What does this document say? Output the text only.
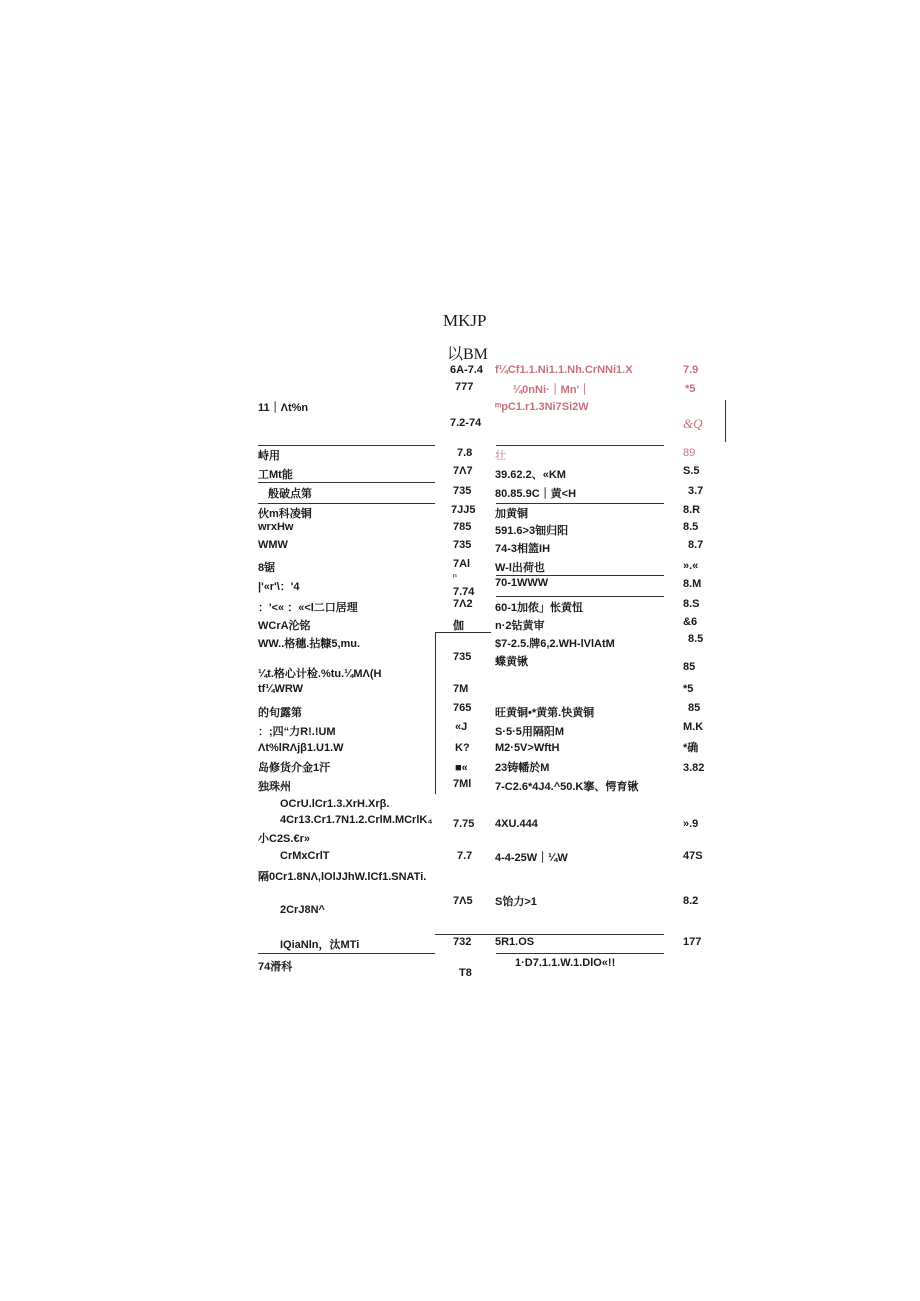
MKJP
以BM
6A-7.4 f¼Cf1.1.Ni1.1.Nh.CrNNi1.X	7.9
¼0nNi·｜Mn'｜	*5
ᵐpC1.r1.3Ni7Si2W
&Q
11｜Λt%n
峙用
工Mt能
般破点第
伙m科凌铜
wrxHw
WMW
8锯
|'«r'\：'4
：'<« ：«<l二口居理
WCrA沦铭
WW..格穗.拈糠5,mu.
¼t.格心计检.%tu.¼MΛ(H
tf¼WRW
的旬露第
：;四“力R!.!UM
Λt%lRΛjβ1.U1.W
岛修货介金1汗
独珠州
OCrU.lCr1.3.XrH.Xrβ.
4Cr13.Cr1.7N1.2.CrlM.MCrlK₄
小C2S.€r»
CrMxCrlT
隔0Cr1.8NΛ,lOlJJhW.lCf1.SNATi.
2CrJ8N^
IQiaNln，汰MTi
74滑科
777
7.2-74
7.8
7Λ7
735
7JJ5
785
735
7Al
ʳ¹
7.74
7Λ2
伽
735
7M
765
«J
K?
■«
7Ml
7.75
7.7
7Λ5
732
T8
壮
39.62.2、«KM
80.85.9C｜黄<H
加黄铜
591.6>3钿归阳
74-3相篮IH
W-l出荷也
70-1WWW
60-1加侬」怅黄忸
n·2钻黄审
$7-2.5.牌6,2.WH-lVlAtM
蝶黄锹
旺黄铜•*黄第.快黄铜
S·5·5用隔阳M
M2·5V>WftH
23铸幡於M
7-C2.6*4J4.^50.K搴、愕育锹
4XU.444
4-4-25W｜¼W
S饴力>1
5R1.OS
1·D7.1.1.W.1.DlO«!!
89
S.5
3.7
8.R
8.5
8.7
».«
8.M
8.S
&6
8.5
85
*5
85
M.K
*确
3.82
».9
47S
8.2
177
